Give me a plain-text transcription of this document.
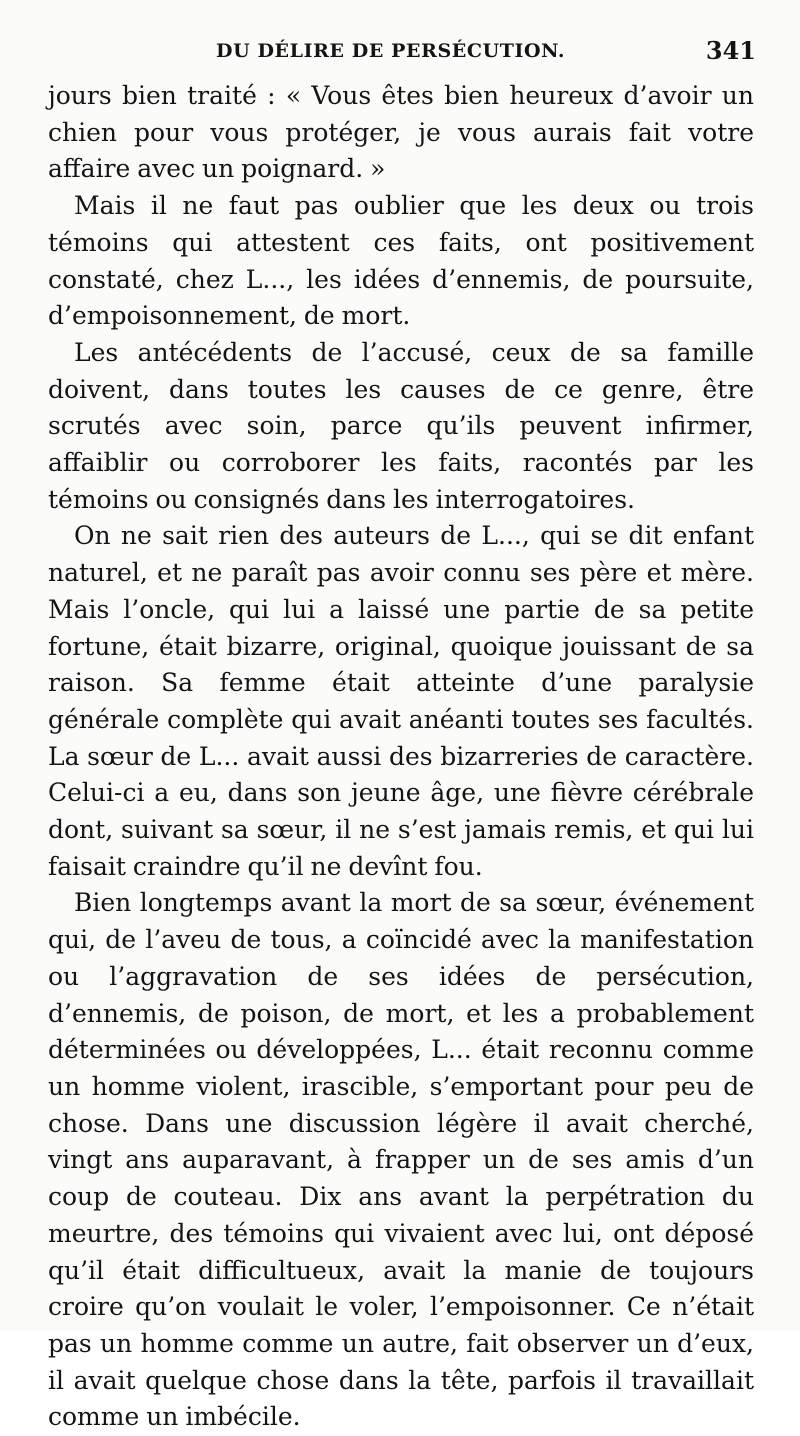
DU DÉLIRE DE PERSÉCUTION.	341

jours bien traité : « Vous êtes bien heureux d’avoir un chien pour vous protéger, je vous aurais fait votre affaire avec un poignard. »

Mais il ne faut pas oublier que les deux ou trois témoins qui attestent ces faits, ont positivement constaté, chez L..., les idées d’ennemis, de poursuite, d’empoisonnement, de mort.

Les antécédents de l’accusé, ceux de sa famille doivent, dans toutes les causes de ce genre, être scrutés avec soin, parce qu’ils peuvent infirmer, affaiblir ou corroborer les faits, racontés par les témoins ou consignés dans les interrogatoires.

On ne sait rien des auteurs de L..., qui se dit enfant naturel, et ne paraît pas avoir connu ses père et mère. Mais l’oncle, qui lui a laissé une partie de sa petite fortune, était bizarre, original, quoique jouissant de sa raison. Sa femme était atteinte d’une paralysie générale complète qui avait anéanti toutes ses facultés. La sœur de L... avait aussi des bizarreries de caractère. Celui-ci a eu, dans son jeune âge, une fièvre cérébrale dont, suivant sa sœur, il ne s’est jamais remis, et qui lui faisait craindre qu’il ne devînt fou.

Bien longtemps avant la mort de sa sœur, événement qui, de l’aveu de tous, a coïncidé avec la manifestation ou l’aggravation de ses idées de persécution, d’ennemis, de poison, de mort, et les a probablement déterminées ou développées, L... était reconnu comme un homme violent, irascible, s’emportant pour peu de chose. Dans une discussion légère il avait cherché, vingt ans auparavant, à frapper un de ses amis d’un coup de couteau. Dix ans avant la perpétration du meurtre, des témoins qui vivaient avec lui, ont déposé qu’il était difficultueux, avait la manie de toujours croire qu’on voulait le voler, l’empoisonner. Ce n’était pas un homme comme un autre, fait observer un d’eux, il avait quelque chose dans la tête, parfois il travaillait comme un imbécile.
